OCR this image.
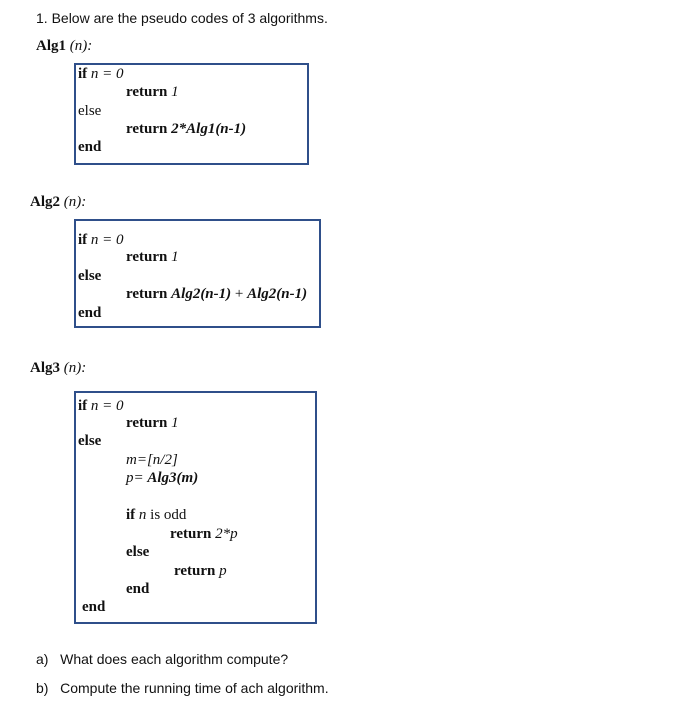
1. Below are the pseudo codes of 3 algorithms.
Alg1 (n):
if n = 0
return 1
else
return 2*Alg1(n-1)
end
Alg2 (n):
if n = 0
return 1
else
return Alg2(n-1) + Alg2(n-1)
end
Alg3 (n):
if n = 0
return 1
else
m=[n/2]
p= Alg3(m)
if n is odd
return 2*p
else
return p
end
end
a) What does each algorithm compute?
b) Compute the running time of ach algorithm.
